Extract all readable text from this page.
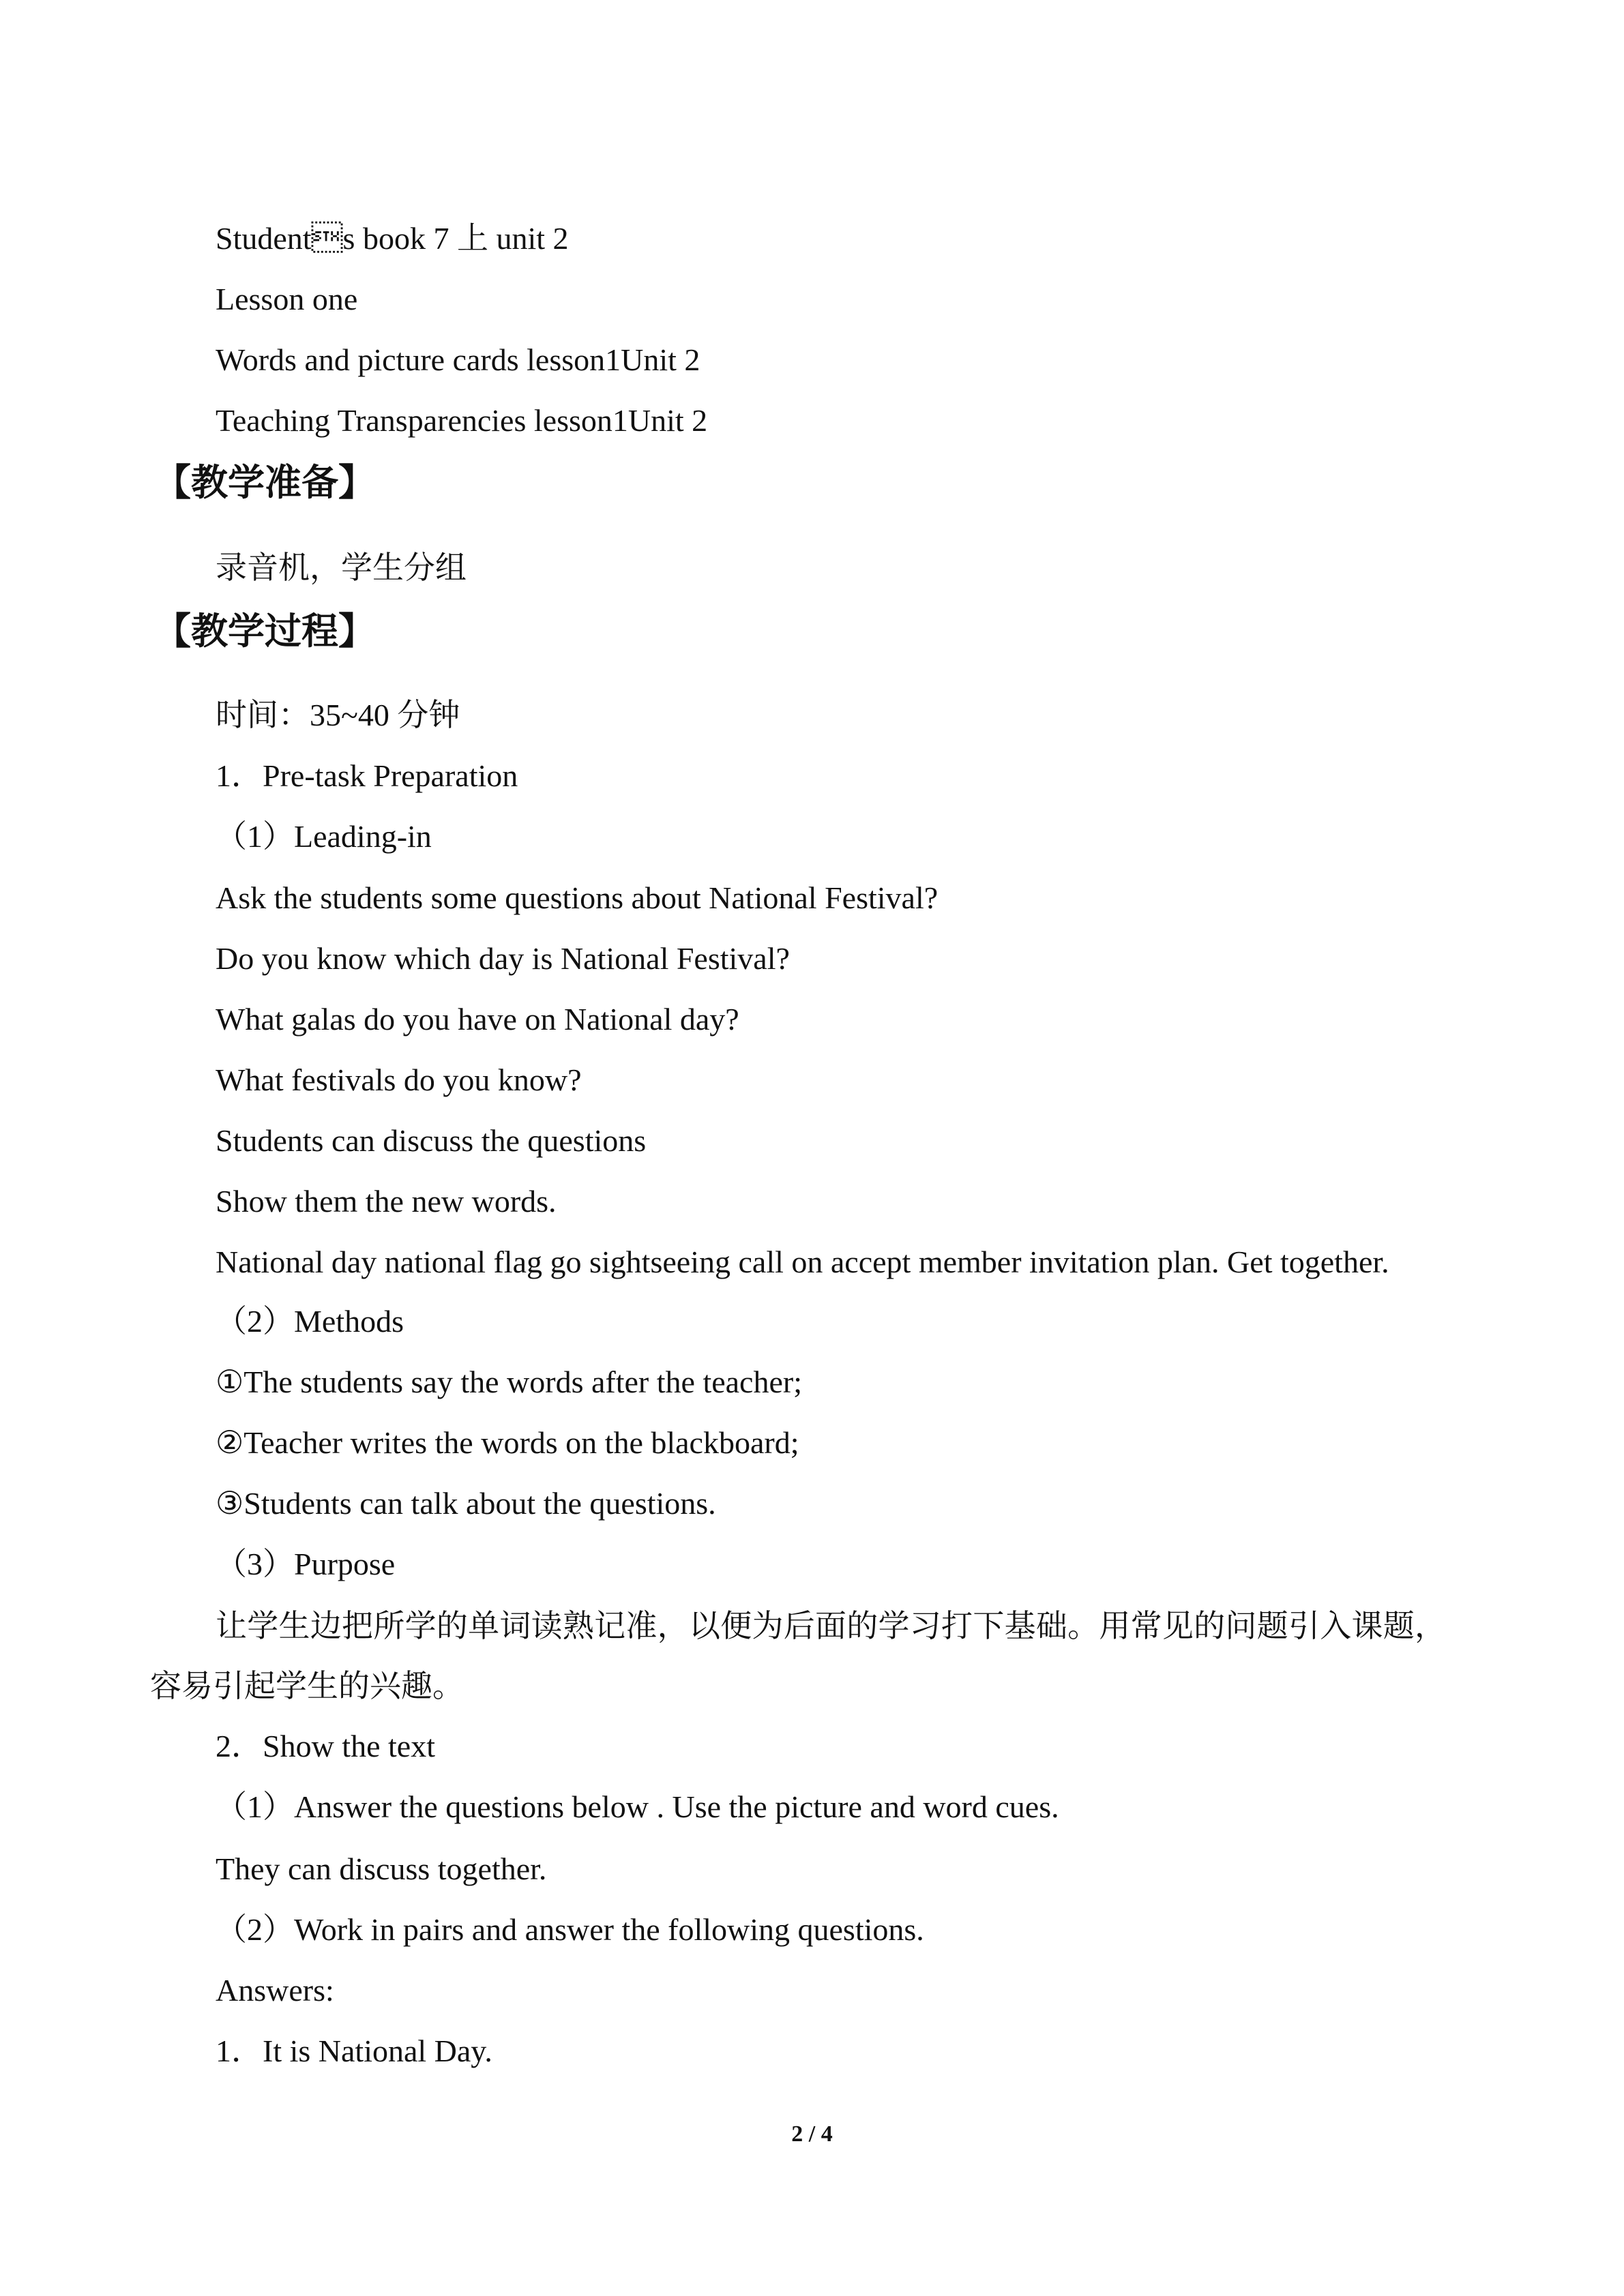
Students book 7 上 unit 2
Lesson one
Words and picture cards lesson1Unit 2
Teaching Transparencies lesson1Unit 2
【教学准备】
录音机，学生分组
【教学过程】
时间：35~40 分钟
1．Pre-task Preparation
（1）Leading-in
Ask the students some questions about National Festival?
Do you know which day is National Festival?
What galas do you have on National day?
What festivals do you know?
Students can discuss the questions
Show them the new words.
National day national flag go sightseeing call on accept member invitation plan. Get together.
（2）Methods
①The students say the words after the teacher;
②Teacher writes the words on the blackboard;
③Students can talk about the questions.
（3）Purpose
让学生边把所学的单词读熟记准，以便为后面的学习打下基础。用常见的问题引入课题，容易引起学生的兴趣。
2．Show the text
（1）Answer the questions below . Use the picture and word cues.
They can discuss together.
（2）Work in pairs and answer the following questions.
Answers:
1．It is National Day.
2 / 4
